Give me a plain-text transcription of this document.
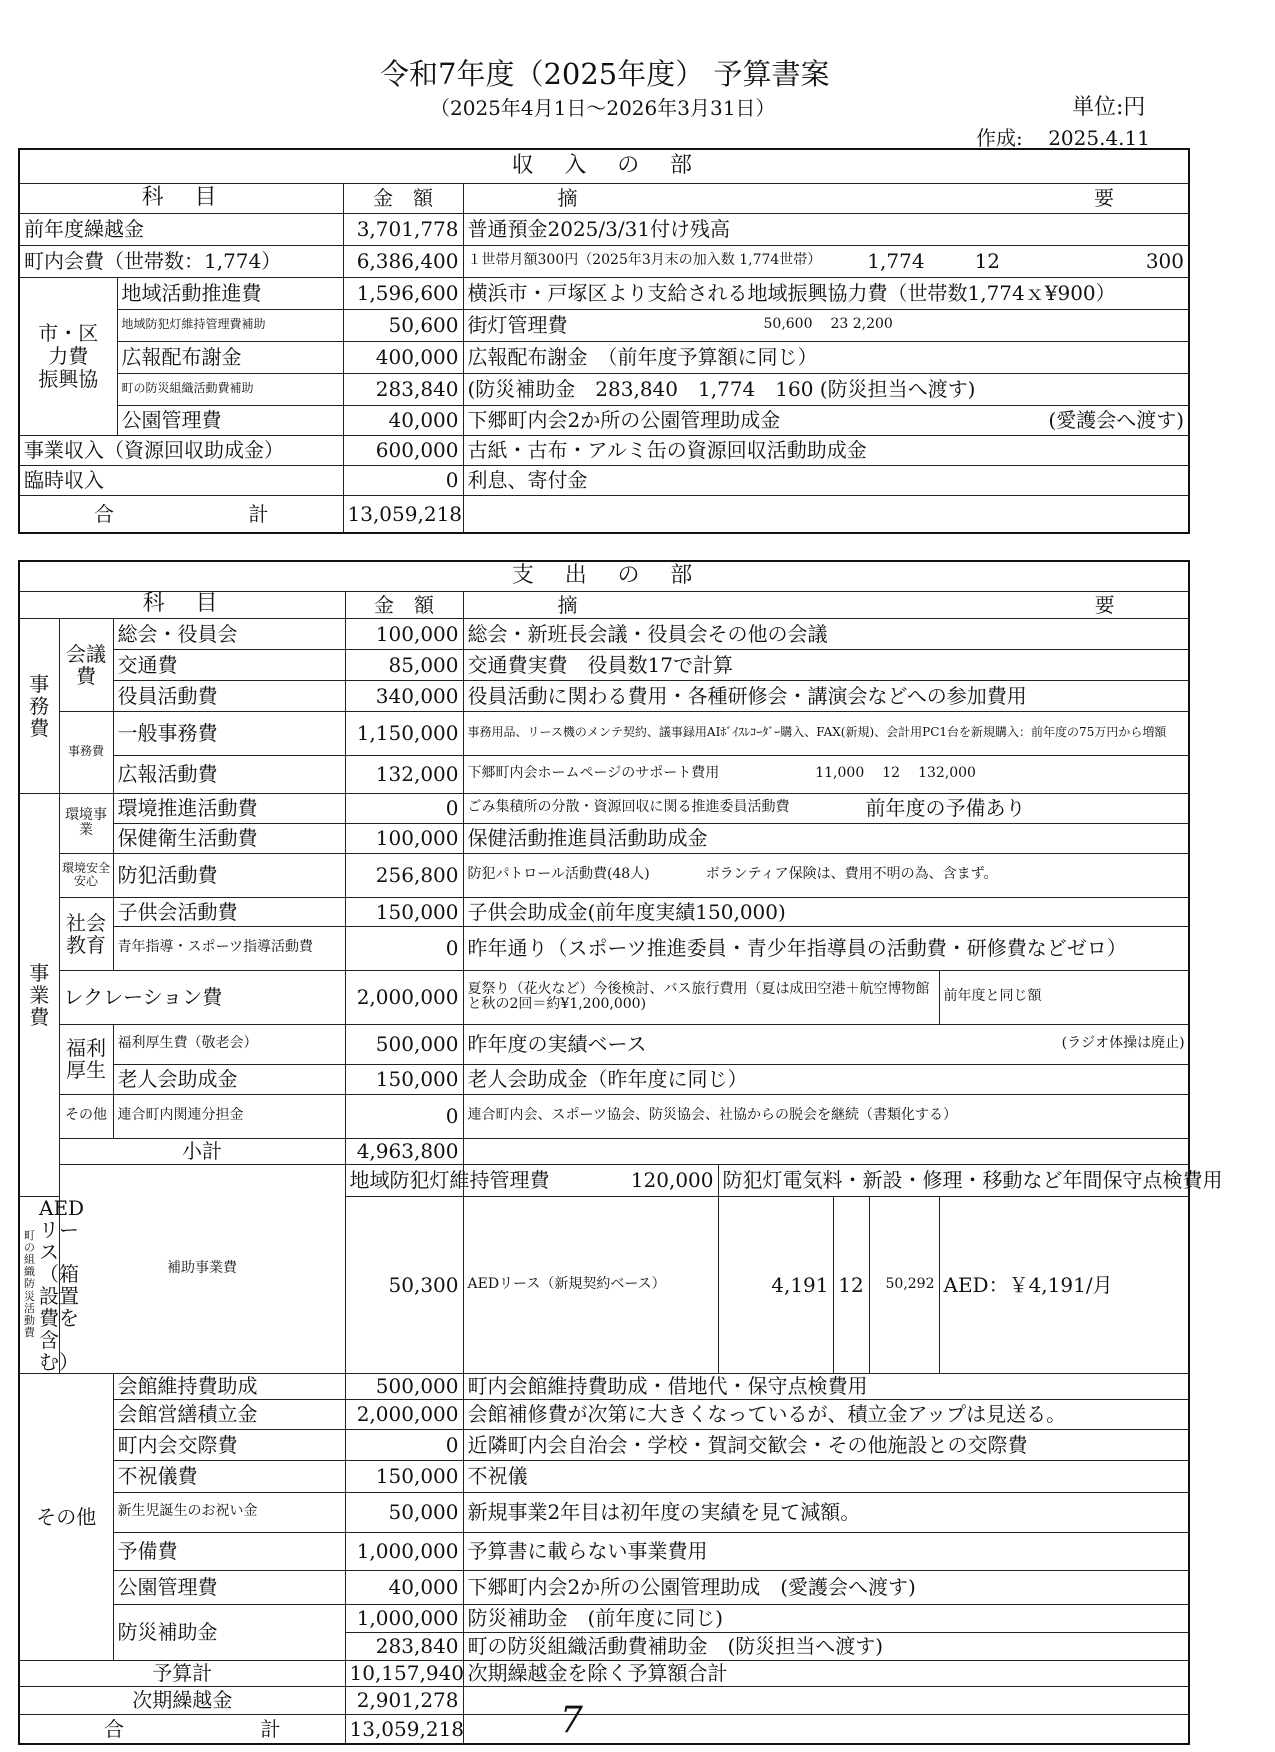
令和7年度（2025年度） 予算書案
（2025年4月1日～2026年3月31日）	単位:円
作成: 2025.4.11
収　入　の　部			
科　目		金　額	摘 要

前年度繰越金		3,701,778	普通預金2025/3/31付け残高
町内会費（世帯数：1,774）		6,386,400	１世帯月額300円（2025年3月末の加入数 1,774世帯） 1,774 12 300

市・区
力費
振興協	地域活動推進費	1,596,600	横浜市・戸塚区より支給される地域振興協力費（世帯数1,774ｘ¥900）
	地域防犯灯維持管理費補助	50,600	街灯管理費 50,600 23 2,200

	広報配布謝金	400,000	広報配布謝金　（前年度予算額に同じ）
	町の防災組織活動費補助	283,840	(防災補助金　283,840　1,774　160 (防災担当へ渡す)
	公園管理費	40,000	下郷町内会2か所の公園管理助成金 (愛護会へ渡す)

事業収入（資源回収助成金）		600,000	古紙・古布・アルミ缶の資源回収活動助成金
臨時収入		0	利息、寄付金

合 計		13,059,218	
支　出　の　部								
科　目			金　額	摘 要				

事務費	会議費	総会・役員会	100,000	総会・新班長会議・役員会その他の会議				
		交通費	85,000	交通費実費　役員数17で計算				
		役員活動費	340,000	役員活動に関わる費用・各種研修会・講演会などへの参加費用				
	事務費	一般事務費	1,150,000	事務用品、リース機のメンテ契約、議事録用AIﾎﾞｲｽﾚｺｰﾀﾞｰ購入、FAX(新規)、会計用PC1台を新規購入：前年度の75万円から増額				
		広報活動費	132,000	下郷町内会ホームページのサポート費用 11,000 12 132,000				

事業費	環境事業	環境推進活動費	0	ごみ集積所の分散・資源回収に関る推進委員活動費 前年度の予備あり				

		保健衛生活動費	100,000	保健活動推進員活動助成金				
	環境安全安心	防犯活動費	256,800	防犯パトロール活動費(48人) ボランティア保険は、費用不明の為、含まず。				

	社会教育	子供会活動費	150,000	子供会助成金(前年度実績150,000)				
		青年指導・スポーツ指導活動費	0	昨年通り（スポーツ推進委員・青少年指導員の活動費・研修費などゼロ）				
	レクレーション費		2,000,000	夏祭り（花火など）今後検討、バス旅行費用（夏は成田空港＋航空博物館と秋の2回＝約¥1,200,000)				前年度と同じ額
	福利厚生	福利厚生費（敬老会）	500,000	昨年度の実績ベース (ラジオ体操は廃止)				

		老人会助成金	150,000	老人会助成金（昨年度に同じ）				
	その他	連合町内関連分担金	0	連合町内会、スポーツ協会、防災協会、社協からの脱会を継続（書類化する）				
	小計		4,963,800					
	補助事業費		地域防犯灯維持管理費	120,000	防犯灯電気料・新設・修理・移動など年間保守点検費用			

町の組織防災活動費
AEDリース（箱設置費を含む）			50,300	AEDリース（新規契約ベース）	4,191	12	50,292	AED：￥4,191/月
その他		会館維持費助成	500,000	町内会館維持費助成・借地代・保守点検費用				
		会館営繕積立金	2,000,000	会館補修費が次第に大きくなっているが、積立金アップは見送る。				
		町内会交際費	0	近隣町内会自治会・学校・賀詞交歓会・その他施設との交際費				
		不祝儀費	150,000	不祝儀				
		新生児誕生のお祝い金	50,000	新規事業2年目は初年度の実績を見て減額。				
		予備費	1,000,000	予算書に載らない事業費用				
		公園管理費	40,000	下郷町内会2か所の公園管理助成　(愛護会へ渡す)				
		防災補助金	1,000,000	防災補助金　(前年度に同じ)				
			283,840	町の防災組織活動費補助金　(防災担当へ渡す)				
予算計			10,157,940	次期繰越金を除く予算額合計				
次期繰越金			2,901,278					

合 計			13,059,218						7
